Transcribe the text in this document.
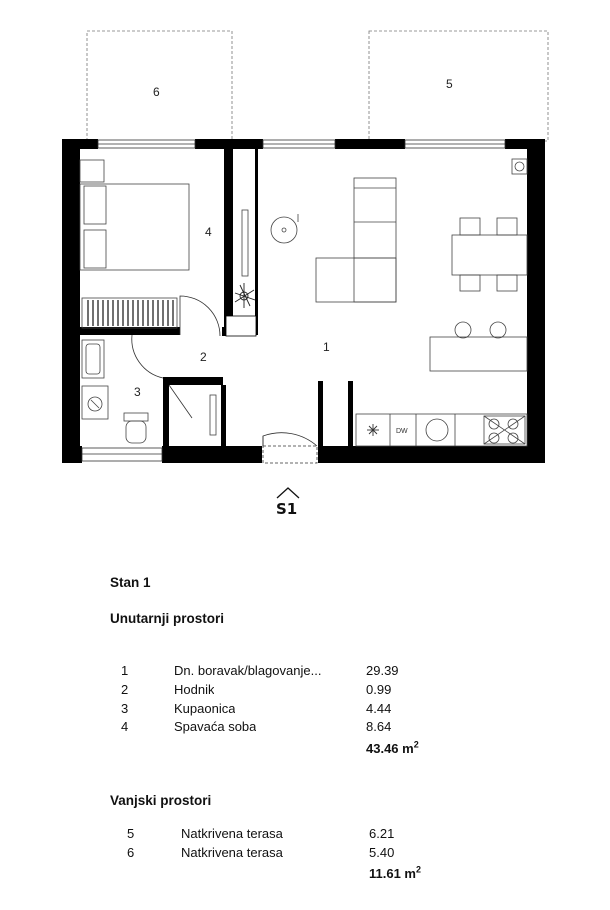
DW
1
2
3
4
5
6
S1
Stan 1
Unutarnji prostori
1	Dn. boravak/blagovanje...	29.39
2	Hodnik	0.99
3	Kupaonica	4.44
4	Spavaća soba	8.64
43.46 $m^2$
Vanjski prostori
5	Natkrivena terasa	6.21
6	Natkrivena terasa	5.40
11.61 $m^2$
